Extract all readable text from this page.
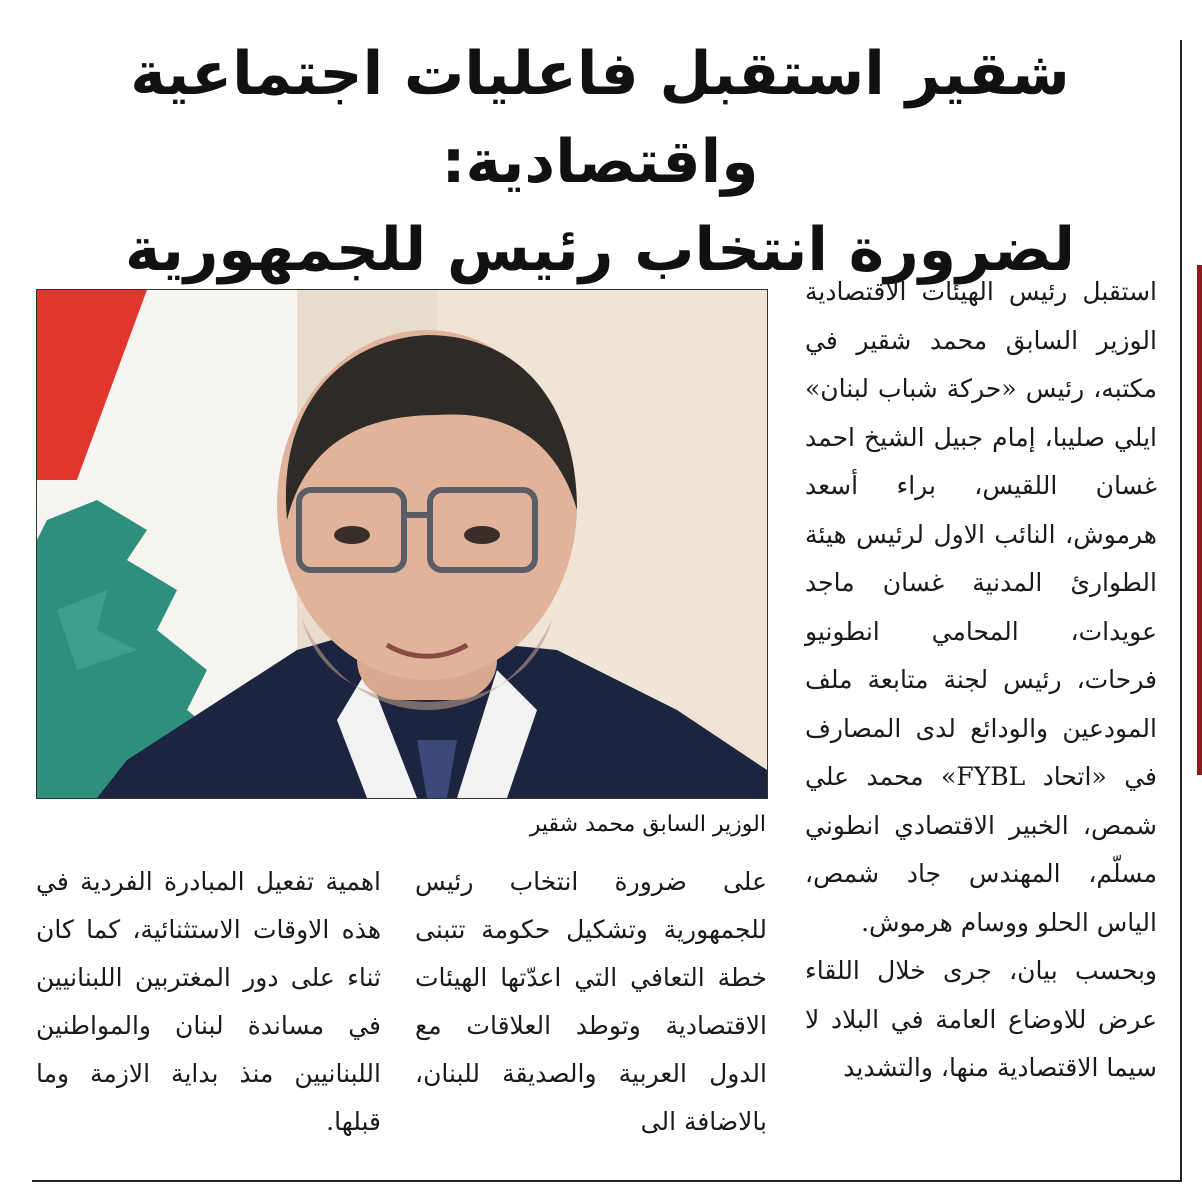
شقير استقبل فاعليات اجتماعية واقتصادية:
لضرورة انتخاب رئيس للجمهورية

استقبل رئيس الهيئات الاقتصادية الوزير السابق محمد شقير في مكتبه، رئيس «حركة شباب لبنان» ايلي صليبا، إمام جبيل الشيخ احمد غسان اللقيس، براء أسعد هرموش، النائب الاول لرئيس هيئة الطوارئ المدنية غسان ماجد عويدات، المحامي انطونيو فرحات، رئيس لجنة متابعة ملف المودعين والودائع لدى المصارف في «اتحاد FYBL» محمد علي شمص، الخبير الاقتصادي انطوني مسلّم، المهندس جاد شمص، الياس الحلو ووسام هرموش.

وبحسب بيان، جرى خلال اللقاء عرض للاوضاع العامة في البلاد لا سيما الاقتصادية منها، والتشديد

الوزير السابق محمد شقير

على ضرورة انتخاب رئيس للجمهورية وتشكيل حكومة تتبنى خطة التعافي التي اعدّتها الهيئات الاقتصادية وتوطد العلاقات مع الدول العربية والصديقة للبنان، بالاضافة الى

اهمية تفعيل المبادرة الفردية في هذه الاوقات الاستثنائية، كما كان ثناء على دور المغتربين اللبنانيين في مساندة لبنان والمواطنين اللبنانيين منذ بداية الازمة وما قبلها.
